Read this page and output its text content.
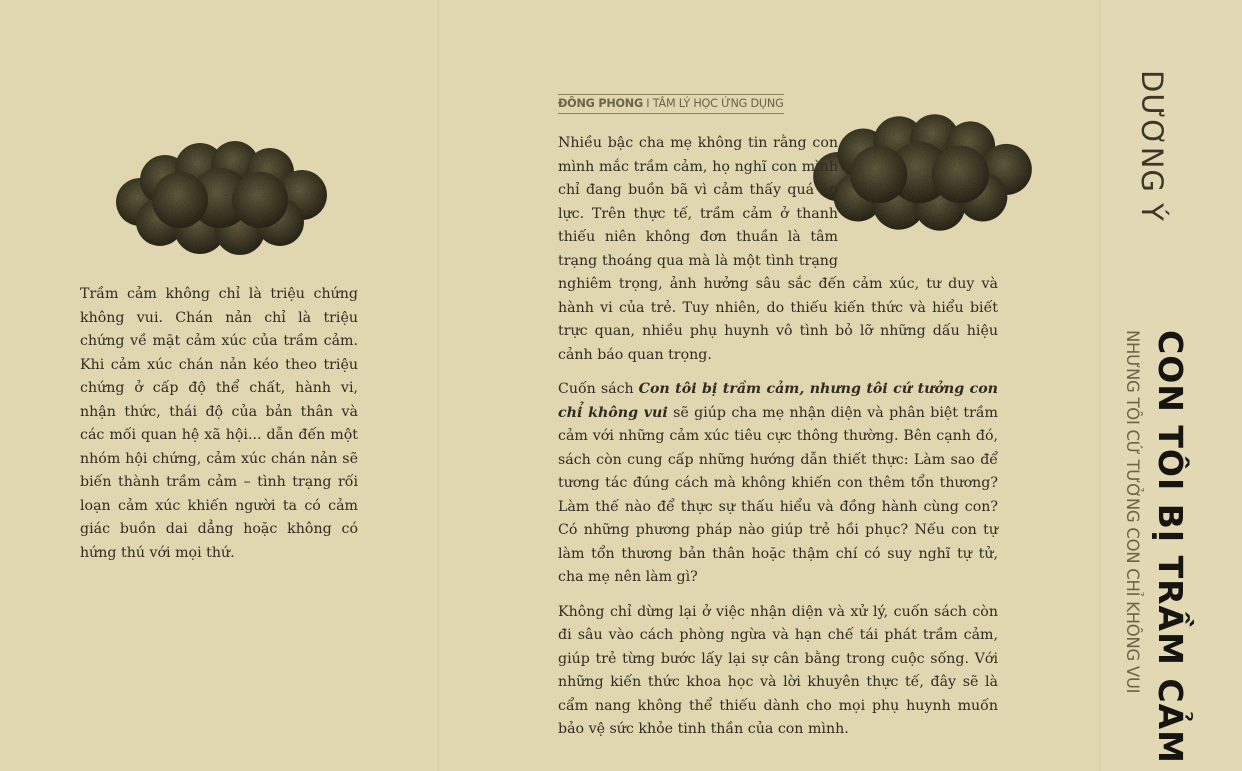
Trầm cảm không chỉ là triệu chứng không vui. Chán nản chỉ là triệu chứng về mặt cảm xúc của trầm cảm. Khi cảm xúc chán nản kéo theo triệu chứng ở cấp độ thể chất, hành vi, nhận thức, thái độ của bản thân và các mối quan hệ xã hội... dẫn đến một nhóm hội chứng, cảm xúc chán nản sẽ biến thành trầm cảm – tình trạng rối loạn cảm xúc khiến người ta có cảm giác buồn dai dẳng hoặc không có hứng thú với mọi thứ.

ĐÔNG PHONG I TÂM LÝ HỌC ỨNG DỤNG

Nhiều bậc cha mẹ không tin rằng con mình mắc trầm cảm, họ nghĩ con mình chỉ đang buồn bã vì cảm thấy quá áp lực. Trên thực tế, trầm cảm ở thanh thiếu niên không đơn thuần là tâm trạng thoáng qua mà là một tình trạng nghiêm trọng, ảnh hưởng sâu sắc đến cảm xúc, tư duy và hành vi của trẻ. Tuy nhiên, do thiếu kiến thức và hiểu biết trực quan, nhiều phụ huynh vô tình bỏ lỡ những dấu hiệu cảnh báo quan trọng.

Cuốn sách Con tôi bị trầm cảm, nhưng tôi cứ tưởng con chỉ không vui sẽ giúp cha mẹ nhận diện và phân biệt trầm cảm với những cảm xúc tiêu cực thông thường. Bên cạnh đó, sách còn cung cấp những hướng dẫn thiết thực: Làm sao để tương tác đúng cách mà không khiến con thêm tổn thương? Làm thế nào để thực sự thấu hiểu và đồng hành cùng con? Có những phương pháp nào giúp trẻ hồi phục? Nếu con tự làm tổn thương bản thân hoặc thậm chí có suy nghĩ tự tử, cha mẹ nên làm gì?

Không chỉ dừng lại ở việc nhận diện và xử lý, cuốn sách còn đi sâu vào cách phòng ngừa và hạn chế tái phát trầm cảm, giúp trẻ từng bước lấy lại sự cân bằng trong cuộc sống. Với những kiến thức khoa học và lời khuyên thực tế, đây sẽ là cẩm nang không thể thiếu dành cho mọi phụ huynh muốn bảo vệ sức khỏe tinh thần của con mình.

DƯƠNG Ý
CON TÔI BỊ TRẦM CẢM
NHƯNG TÔI CỨ TƯỞNG CON CHỈ KHÔNG VUI
